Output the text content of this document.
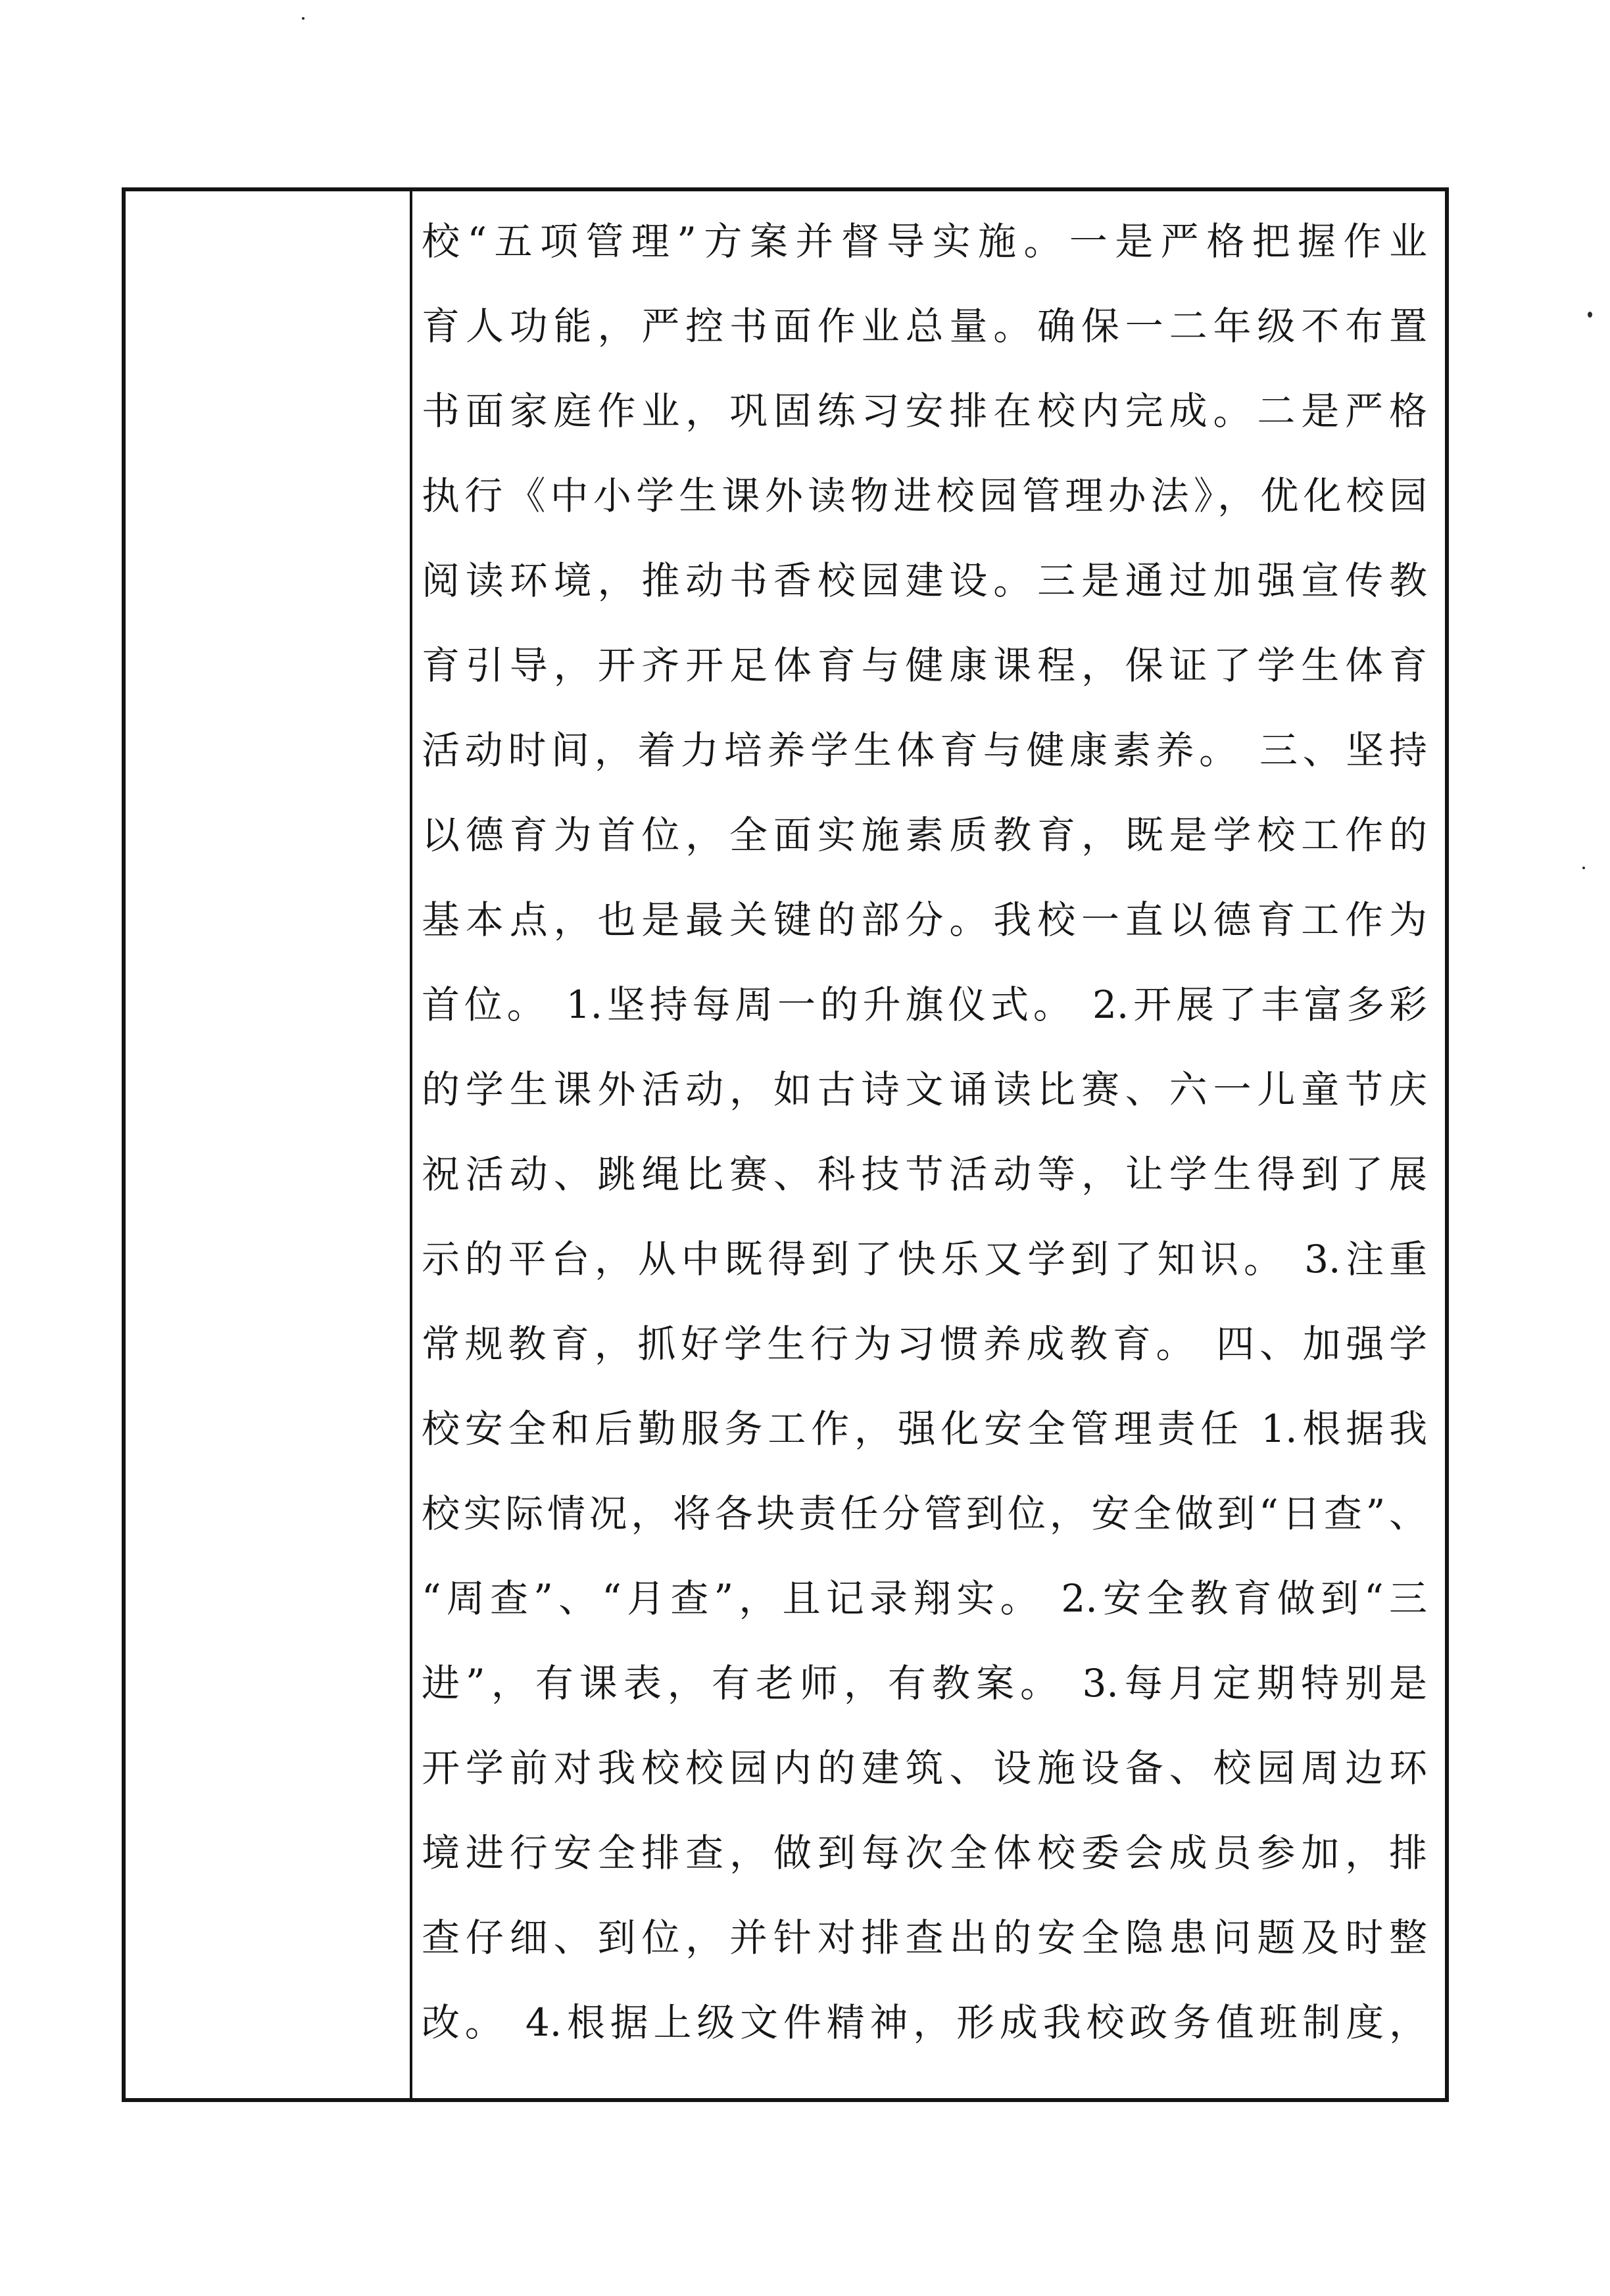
校“五项管理”方案并督导实施。一是严格把握作业
育人功能，严控书面作业总量。确保一二年级不布置
书面家庭作业，巩固练习安排在校内完成。二是严格
执行《中小学生课外读物进校园管理办法》，优化校园
阅读环境，推动书香校园建设。三是通过加强宣传教
育引导，开齐开足体育与健康课程，保证了学生体育
活动时间，着力培养学生体育与健康素养。 三、坚持
以德育为首位，全面实施素质教育，既是学校工作的
基本点，也是最关键的部分。我校一直以德育工作为
首位。 1.坚持每周一的升旗仪式。 2.开展了丰富多彩
的学生课外活动，如古诗文诵读比赛、六一儿童节庆
祝活动、跳绳比赛、科技节活动等，让学生得到了展
示的平台，从中既得到了快乐又学到了知识。 3.注重
常规教育，抓好学生行为习惯养成教育。 四、加强学
校安全和后勤服务工作，强化安全管理责任 1.根据我
校实际情况，将各块责任分管到位，安全做到“日查”、
“周查”、“月查”，且记录翔实。 2.安全教育做到“三
进”，有课表，有老师，有教案。 3.每月定期特别是
开学前对我校校园内的建筑、设施设备、校园周边环
境进行安全排查，做到每次全体校委会成员参加，排
查仔细、到位，并针对排查出的安全隐患问题及时整
改。 4.根据上级文件精神，形成我校政务值班制度，
